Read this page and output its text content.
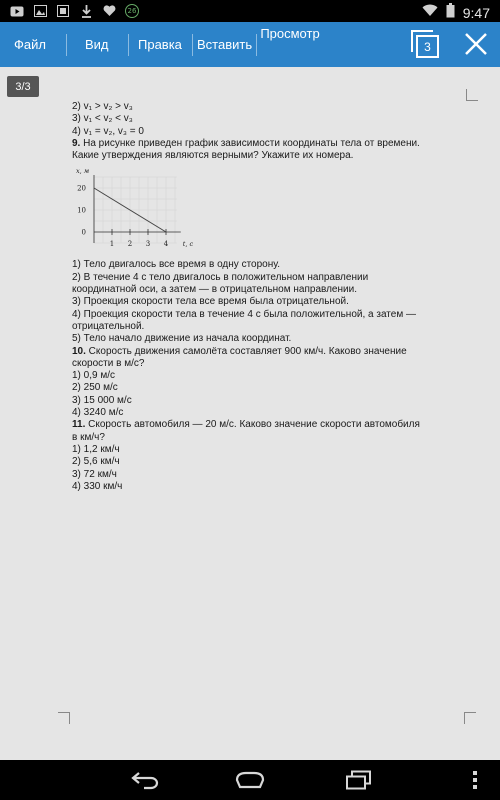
26	9:47
Файл	Вид Правка Вставить
Просмотр
3
3/3

2) v₁ > v₂ > v₃

3) v₁ < v₂ < v₃

4) v₁ = v₂, v₃ = 0

9. На рисунке приведен график зависимости координаты тела от времени.

Какие утверждения являются верными? Укажите их номера.

1 2 3 4
20
10
0
x, м
t, c

1) Тело двигалось все время в одну сторону.

2) В течение 4 с тело двигалось в положительном направлении

координатной оси, а затем — в отрицательном направлении.

3) Проекция скорости тела все время была отрицательной.

4) Проекция скорости тела в течение 4 с была положительной, а затем —

отрицательной.

5) Тело начало движение из начала координат.

10. Скорость движения самолёта составляет 900 км/ч. Каково значение

скорости в м/с?

1) 0,9 м/с

2) 250 м/с

3) 15 000 м/с

4) 3240 м/с

11. Скорость автомобиля — 20 м/с. Каково значение скорости автомобиля

в км/ч?

1) 1,2 км/ч

2) 5,6 км/ч

3) 72 км/ч

4) 330 км/ч
